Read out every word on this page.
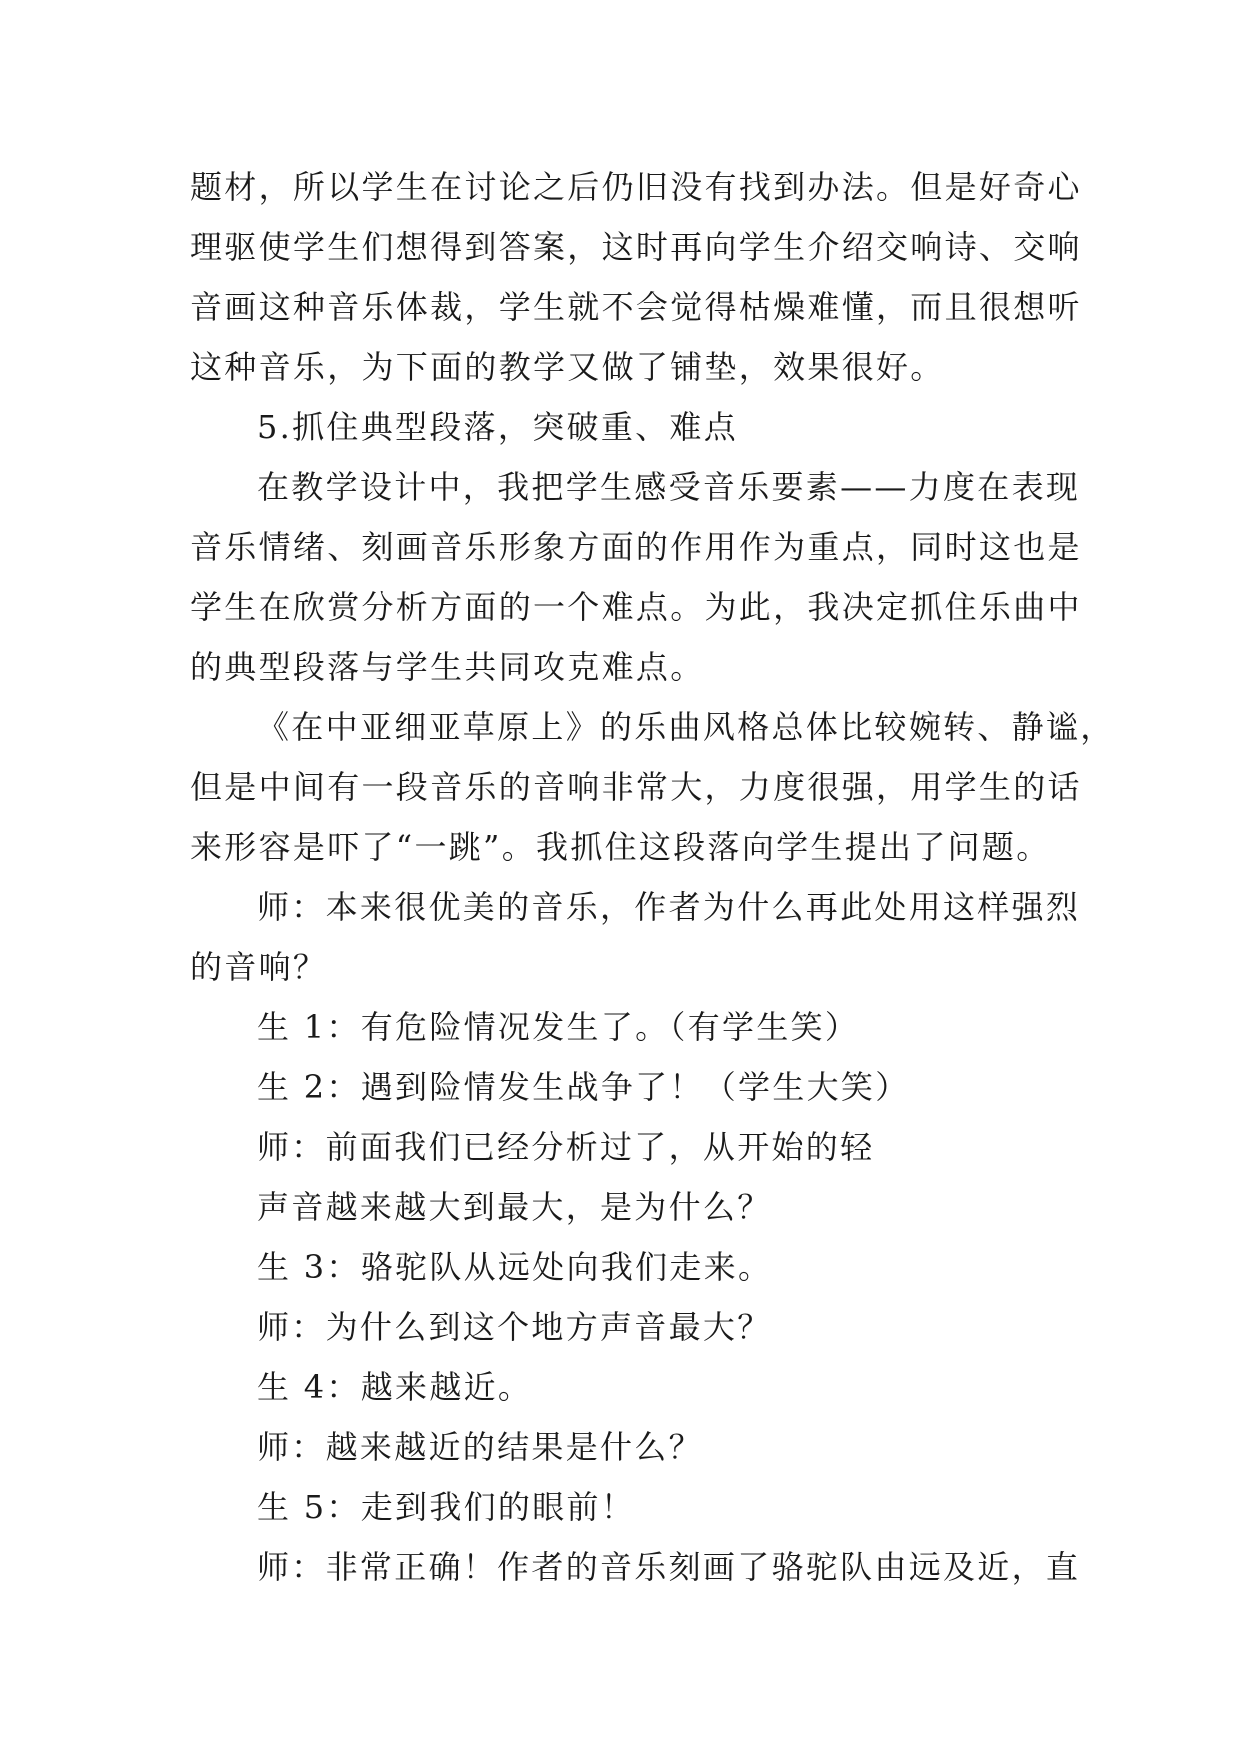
题材，所以学生在讨论之后仍旧没有找到办法。但是好奇心
理驱使学生们想得到答案，这时再向学生介绍交响诗、交响
音画这种音乐体裁，学生就不会觉得枯燥难懂，而且很想听
这种音乐，为下面的教学又做了铺垫，效果很好。
5.抓住典型段落，突破重、难点
在教学设计中，我把学生感受音乐要素——力度在表现
音乐情绪、刻画音乐形象方面的作用作为重点，同时这也是
学生在欣赏分析方面的一个难点。为此，我决定抓住乐曲中
的典型段落与学生共同攻克难点。
《在中亚细亚草原上》的乐曲风格总体比较婉转、静谧，
但是中间有一段音乐的音响非常大，力度很强，用学生的话
来形容是吓了“一跳”。我抓住这段落向学生提出了问题。
师：本来很优美的音乐，作者为什么再此处用这样强烈
的音响？
生 1：有危险情况发生了。（有学生笑）
生 2：遇到险情发生战争了！（学生大笑）
师：前面我们已经分析过了，从开始的轻
声音越来越大到最大，是为什么？
生 3：骆驼队从远处向我们走来。
师：为什么到这个地方声音最大？
生 4：越来越近。
师：越来越近的结果是什么？
生 5：走到我们的眼前！
师：非常正确！作者的音乐刻画了骆驼队由远及近，直
